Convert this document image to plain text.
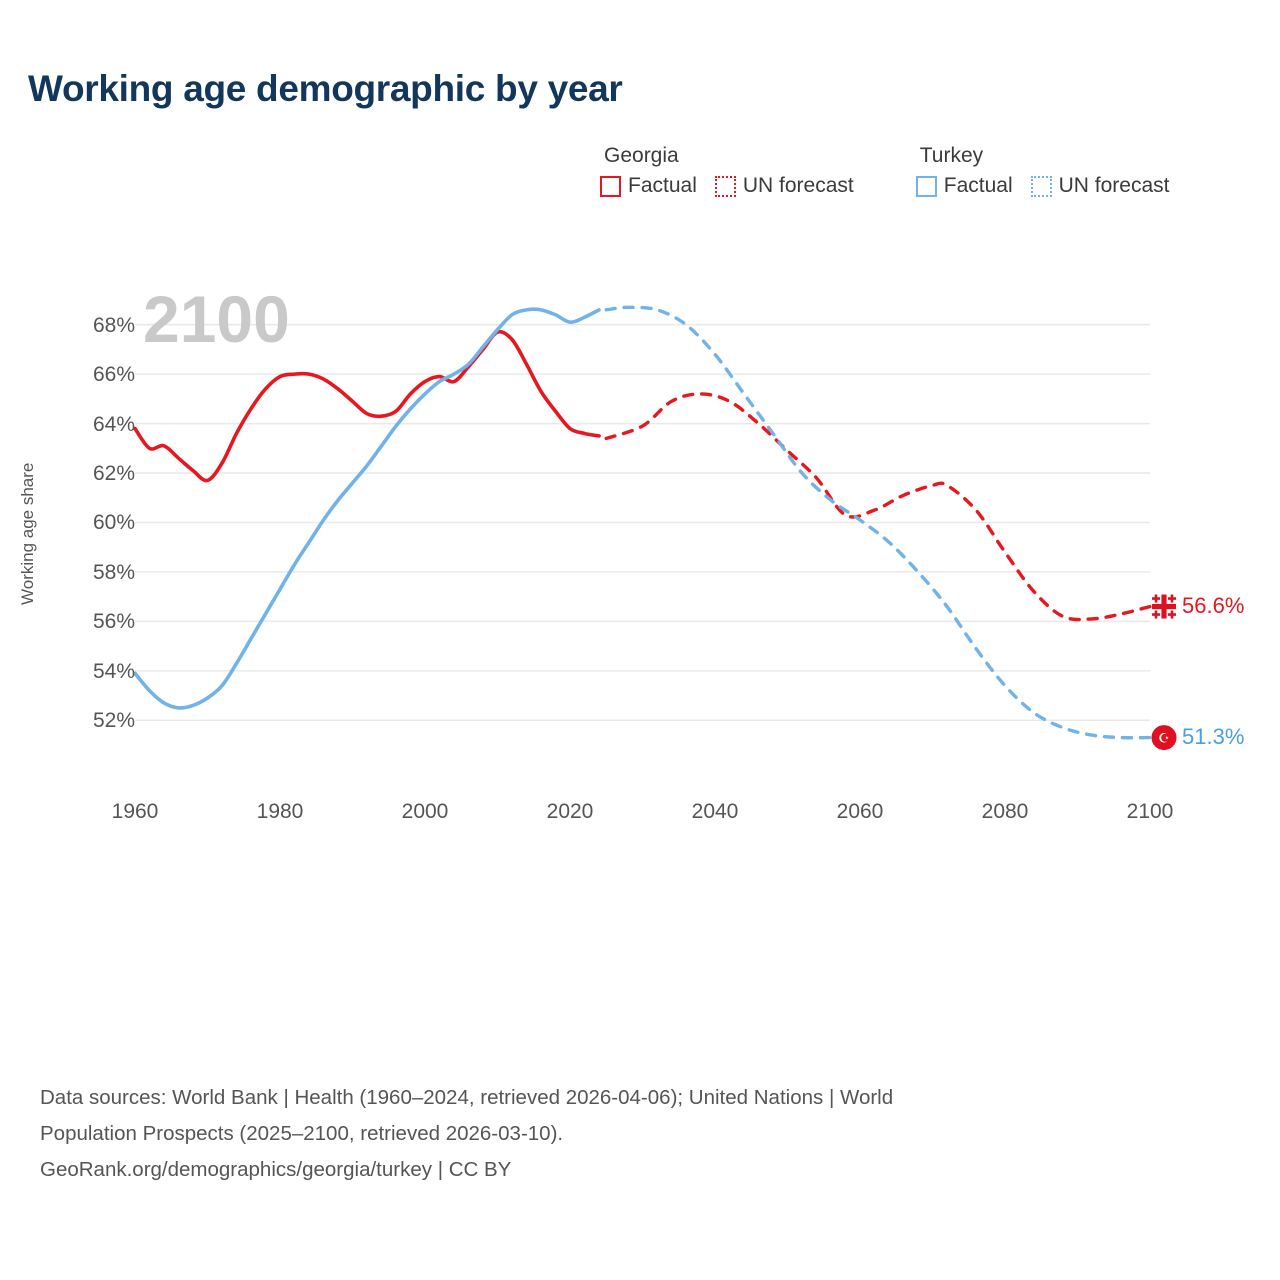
Working age demographic by year
Georgia
Factual UN forecast
Turkey
Factual UN forecast
2100
Working age share
52%
54%
56%
58%
60%
62%
64%
66%
68%
☪
1960	1980	2000	2020	2040	2060	2080	2100
56.6%
51.3%
Data sources: World Bank | Health (1960–2024, retrieved 2026-04-06); United Nations | World
Population Prospects (2025–2100, retrieved 2026-03-10).
GeoRank.org/demographics/georgia/turkey | CC BY
